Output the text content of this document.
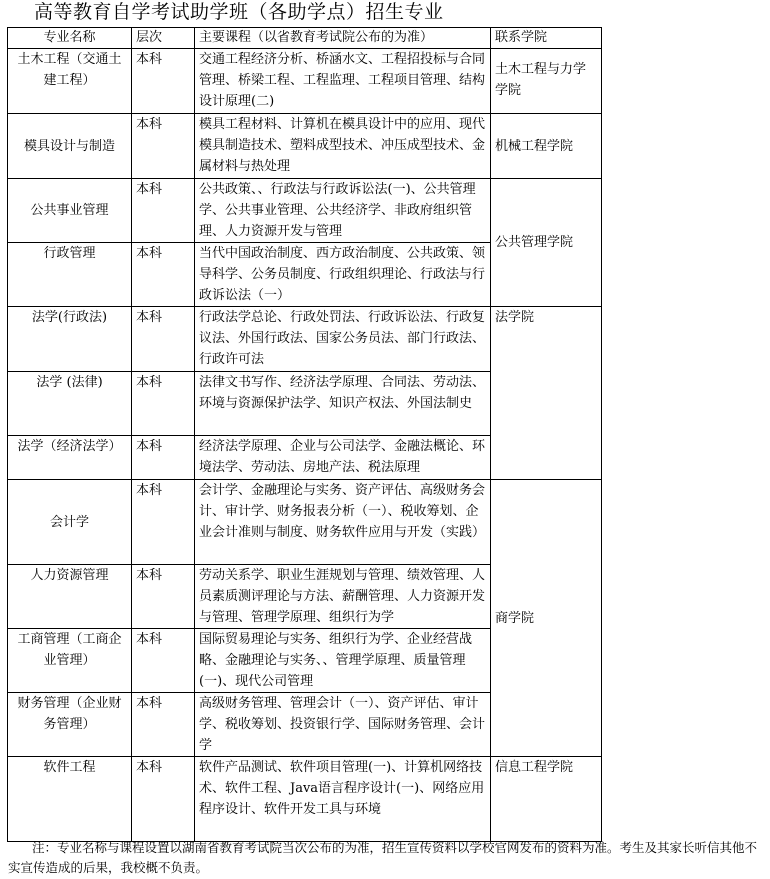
高等教育自学考试助学班（各助学点）招生专业
专业名称	层次	主要课程（以省教育考试院公布的为准）	联系学院
土木工程（交通土建工程）	本科	交通工程经济分析、桥涵水文、工程招投标与合同管理、桥梁工程、工程监理、工程项目管理、结构设计原理(二)	土木工程与力学学院
模具设计与制造	本科	模具工程材料、计算机在模具设计中的应用、现代模具制造技术、塑料成型技术、冲压成型技术、金属材料与热处理	机械工程学院
公共事业管理	本科	公共政策、、行政法与行政诉讼法(一)、公共管理学、公共事业管理、公共经济学、非政府组织管理、人力资源开发与管理	公共管理学院
行政管理	本科	当代中国政治制度、西方政治制度、公共政策、领导科学、公务员制度、行政组织理论、行政法与行政诉讼法（一）	
法学(行政法)	本科	行政法学总论、行政处罚法、行政诉讼法、行政复议法、外国行政法、国家公务员法、部门行政法、行政许可法	法学院
法学 (法律)	本科	法律文书写作、经济法学原理、合同法、劳动法、环境与资源保护法学、知识产权法、外国法制史	
法学（经济法学）	本科	经济法学原理、企业与公司法学、金融法概论、环境法学、劳动法、房地产法、税法原理	
会计学	本科	会计学、金融理论与实务、资产评估、高级财务会计、审计学、财务报表分析（一）、税收筹划、企业会计准则与制度、财务软件应用与开发（实践）	商学院
人力资源管理	本科	劳动关系学、职业生涯规划与管理、绩效管理、人员素质测评理论与方法、薪酬管理、人力资源开发与管理、管理学原理、组织行为学	
工商管理（工商企业管理）	本科	国际贸易理论与实务、组织行为学、企业经营战略、金融理论与实务、、管理学原理、质量管理(一)、现代公司管理	
财务管理（企业财务管理）	本科	高级财务管理、管理会计（一）、资产评估、审计学、税收筹划、投资银行学、国际财务管理、会计学	
软件工程	本科	软件产品测试、软件项目管理(一)、计算机网络技术、软件工程、Java语言程序设计(一)、网络应用程序设计、软件开发工具与环境	信息工程学院
注：专业名称与课程设置以湖南省教育考试院当次公布的为准，招生宣传资料以学校官网发布的资料为准。考生及其家长听信其他不实宣传造成的后果，我校概不负责。
